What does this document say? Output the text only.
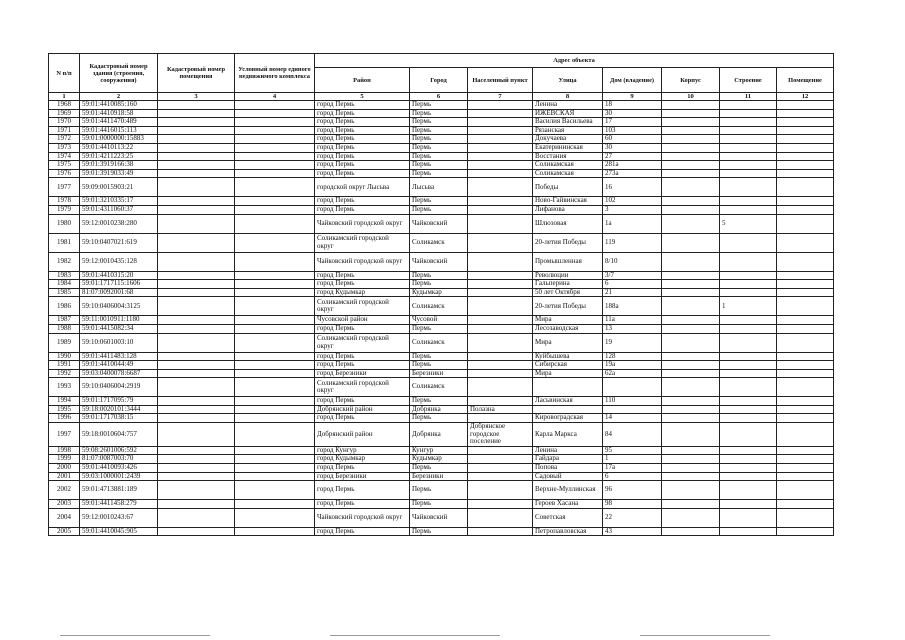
N п/п	Кадастровый номер здания (строения, сооружения)	Кадастровый номер помещения	Условный номер единого недвижимого комплекса	Адрес объекта							
				Район	Город	Населенный пункт	Улица	Дом (владение)	Корпус	Строение	Помещение
1	2	3	4	5	6	7	8	9	10	11	12
1968	59:01:4410085:160			город Пермь	Пермь		Ленина	18			
1969	59:01:4410918:58			город Пермь	Пермь		ИЖЕВСКАЯ	30			
1970	59:01:4411470:489			город Пермь	Пермь		Василия Васильева	17			
1971	59:01:4416015:113			город Пермь	Пермь		Рязанская	103			
1972	59:01:0000000:15883			город Пермь	Пермь		Докучаева	60			
1973	59:01:4410113:22			город Пермь	Пермь		Екатерининская	30			
1974	59:01:4211223:25			город Пермь	Пермь		Восстания	27			
1975	59:01:3919166:38			город Пермь	Пермь		Соликамская	281а			
1976	59:01:3919033:49			город Пермь	Пермь		Соликамская	273а			
1977	59:09:0015903:21			городской округ Лысьва	Лысьва		Победы	16			
1978	59:01:3210335:17			город Пермь	Пермь		Ново-Гайвинская	102			
1979	59:01:4311060:37			город Пермь	Пермь		Лифанова	3			
1980	59:12:0010238:280			Чайковский городской округ	Чайковский		Шлюзовая	1а		5	
1981	59:10:0407021:619			Соликамский городской округ	Соликамск		20-летия Победы	119			
1982	59:12:0010435:128			Чайковский городской округ	Чайковский		Промышленная	8/10			
1983	59:01:4410315:20			город Пермь	Пермь		Революции	3/7			
1984	59:01:1717115:1606			город Пермь	Пермь		Гальперина	6			
1985	81:07:0092001:68			город Кудымкар	Кудымкар		50 лет Октября	21			
1986	59:10:0406004:3125			Соликамский городской округ	Соликамск		20-летия Победы	188а		1	
1987	59:11:0010911:1180			Чусовской район	Чусовой		Мира	11а			
1988	59:01:4415082:34			город Пермь	Пермь		Лесозаводская	13			
1989	59:10:0601003:10			Соликамский городской округ	Соликамск		Мира	19			
1990	59:01:4411483:128			город Пермь	Пермь		Куйбышева	128			
1991	59:01:4410044:49			город Пермь	Пермь		Сибирская	19а			
1992	59:03:0400078:6687			город Березники	Березники		Мира	62а			
1993	59:10:0406004:2919			Соликамский городской округ	Соликамск						
1994	59:01:1717095:79			город Пермь	Пермь		Ласьвинская	110			
1995	59:18:0020101:3444			Добрянский район	Добрянка	Полазна					
1996	59:01:1717038:15			город Пермь	Пермь		Кировоградская	14			
1997	59:18:0010604:757			Добрянский район	Добрянка	Добрянское городское поселение	Карла Маркса	84			
1998	59:08:2601006:592			город Кунгур	Кунгур		Ленина	95			
1999	81:07:0087003:70			город Кудымкар	Кудымкар		Гайдара	1			
2000	59:01:4410093:426			город Пермь	Пермь		Попова	17а			
2001	59:03:1000001:2439			город Березники	Березники		Садовый	6			
2002	59:01:4713881:189			город Пермь	Пермь		Верхне-Муллинская	96			
2003	59:01:4411458:279			город Пермь	Пермь		Героев Хасана	98			
2004	59:12:0010243:67			Чайковский городской округ	Чайковский		Советская	22			
2005	59:01:4410045:905			город Пермь	Пермь		Петропавловская	43			
